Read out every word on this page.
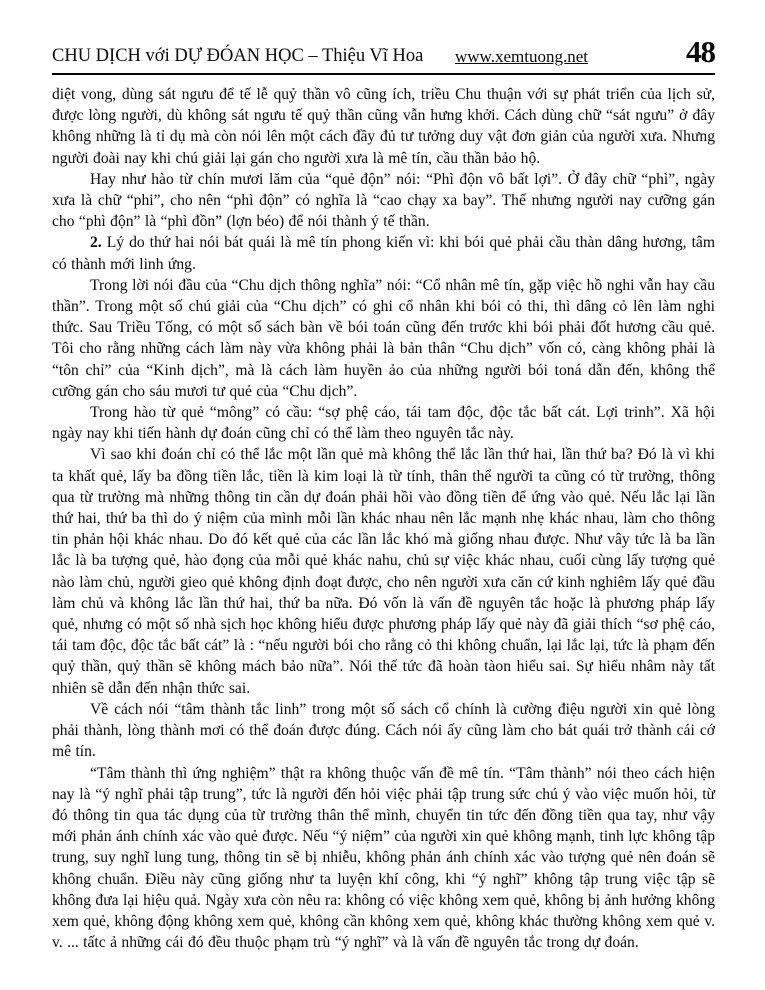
CHU DỊCH với DỰ ĐÓAN HỌC – Thiệu Vĩ Hoa	www.xemtuong.net	48

diệt vong, dùng sát ngưu để tế lễ quỷ thần vô cũng ích, triều Chu thuận với sự phát triển của lịch sử, được lòng người, dù không sát ngưu tế quỷ thần cũng vẫn hưng khởi. Cách dùng chữ “sát ngưu” ở đây không những là tỉ dụ mà còn nói lên một cách đầy đủ tư tưởng duy vật đơn giản của người xưa. Nhưng người đoài nay khi chú giải lại gán cho người xưa là mê tín, cầu thần bảo hộ.

Hay như hào từ chín mươi lăm của “quẻ độn” nói: “Phì độn vô bất lợi”. Ở đây chữ “phì”, ngày xưa là chữ “phi”, cho nên “phì độn” có nghĩa là “cao chạy xa bay”. Thế nhưng người nay cưỡng gán cho “phì độn” là “phì đồn” (lợn béo) để nói thành ý tế thần.

2. Lý do thứ hai nói bát quái là mê tín phong kiến vì: khi bói quẻ phải cầu thàn dâng hương, tâm có thành mới linh ứng.

Trong lời nói đầu của “Chu dịch thông nghĩa” nói: “Cổ nhân mê tín, gặp việc hồ nghi vẫn hay cầu thần”. Trong một số chú giải của “Chu dịch” có ghi cổ nhân khi bói cỏ thi, thì dâng cỏ lên làm nghi thức. Sau Triều Tống, có một số sách bàn về bói toán cũng đến trước khi bói phải đốt hương cầu quẻ. Tôi cho rằng những cách làm này vừa không phải là bản thân “Chu dịch” vốn có, càng không phải là “tôn chỉ” của “Kinh dịch”, mà là cách làm huyền ảo của những người bói toná dẫn đến, không thể cưỡng gán cho sáu mươi tư quẻ của “Chu dịch”.

Trong hào từ quẻ “mông” có cầu: “sợ phệ cáo, tái tam độc, độc tắc bất cát. Lợi trinh”. Xã hội ngày nay khi tiến hành dự đoán cũng chỉ có thể làm theo nguyên tắc này.

Vì sao khi đoán chỉ có thể lắc một lần quẻ mà không thể lắc lần thứ hai, lần thứ ba? Đó là vì khi ta khất quẻ, lấy ba đồng tiền lắc, tiền là kim loại là từ tính, thân thể người ta cũng có từ trường, thông qua từ trường mà những thông tin cần dự đoán phải hồi vào đồng tiền để ứng vào quẻ. Nếu lắc lại lần thứ hai, thứ ba thì do ý niệm của mình mỗi lần khác nhau nên lắc mạnh nhẹ khác nhau, làm cho thông tin phản hội khác nhau. Do đó kết quẻ của các lần lắc khó mà giống nhau được. Như vây tức là ba lần lắc là ba tượng quẻ, hào đọng của mỗi quẻ khác nahu, chủ sự việc khác nhau, cuối cùng lấy tượng quẻ nào làm chủ, người gieo quẻ không định đoạt được, cho nên người xưa căn cứ kinh nghiêm lấy quẻ đầu làm chủ và không lắc lần thứ hai, thứ ba nữa. Đó vốn là vấn đề nguyên tắc hoặc là phương pháp lấy quẻ, nhưng có một số nhà sịch học không hiểu được phương pháp lấy quẻ này đã giải thích “sơ phệ cáo, tái tam độc, độc tắc bất cát” là : “nếu người bói cho rằng cỏ thi không chuẩn, lại lắc lại, tức là phạm đến quỷ thần, quỷ thần sẽ không mách bảo nữa”. Nói thế tức đã hoàn tàon hiểu sai. Sự hiểu nhâm này tất nhiên sẽ dẫn đến nhận thức sai.

Về cách nói “tâm thành tắc linh” trong một số sách cổ chính là cường điệu người xin quẻ lòng phải thành, lòng thành mơi có thể đoán được đúng. Cách nói ấy cũng làm cho bát quái trở thành cái cớ mê tín.

“Tâm thành thì ứng nghiệm” thật ra không thuộc vấn đề mê tín. “Tâm thành” nói theo cách hiện nay là “ý nghĩ phải tập trung”, tức là người đến hỏi việc phải tập trung sức chú ý vào việc muốn hỏi, từ đó thông tin qua tác dụng của từ trường thân thể mình, chuyển tin tức đến đồng tiền qua tay, như vậy mới phản ánh chính xác vào quẻ được. Nếu “ý niệm” của người xin quẻ không mạnh, tinh lực không tập trung, suy nghĩ lung tung, thông tin sẽ bị nhiễu, không phản ánh chính xác vào tượng quẻ nên đoán sẽ không chuẩn. Điều này cũng giống như ta luyện khí công, khi “ý nghĩ” không tập trung việc tập sẽ không đưa lại hiệu quả. Ngày xưa còn nêu ra: không có việc không xem quẻ, không bị ảnh hưởng không xem quẻ, không động không xem quẻ, không cần không xem quẻ, không khác thường không xem quẻ v. v. ... tấtc ả những cái đó đều thuộc phạm trù “ý nghĩ” và là vấn đề nguyên tắc trong dự đoán.
